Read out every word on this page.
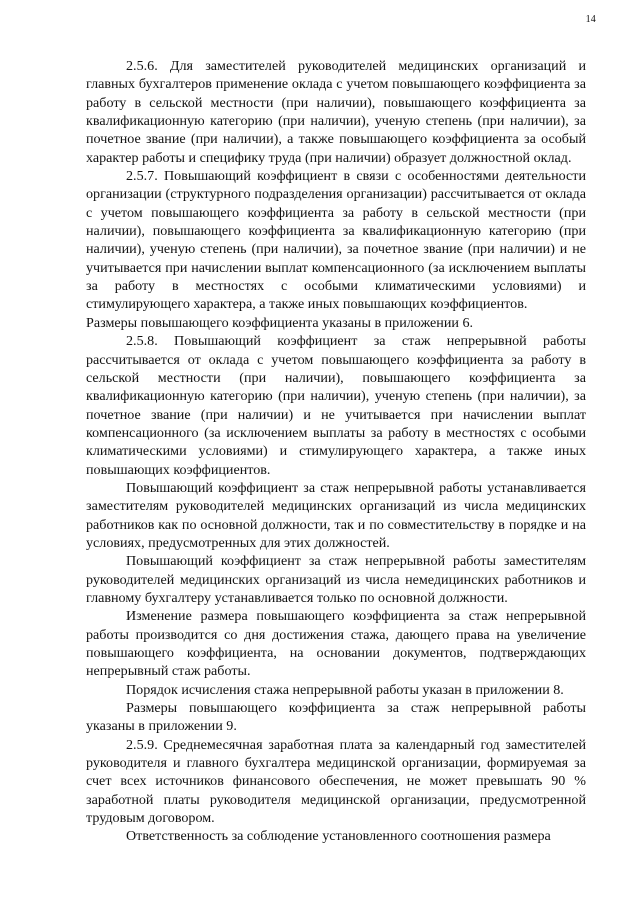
14

2.5.6. Для заместителей руководителей медицинских организаций и главных бухгалтеров применение оклада с учетом повышающего коэффициента за работу в сельской местности (при наличии), повышающего коэффициента за квалификационную категорию (при наличии), ученую степень (при наличии), за почетное звание (при наличии), а также повышающего коэффициента за особый характер работы и специфику труда (при наличии) образует должностной оклад.

2.5.7. Повышающий коэффициент в связи с особенностями деятельности организации (структурного подразделения организации) рассчитывается от оклада с учетом повышающего коэффициента за работу в сельской местности (при наличии), повышающего коэффициента за квалификационную категорию (при наличии), ученую степень (при наличии), за почетное звание (при наличии) и не учитывается при начислении выплат компенсационного (за исключением выплаты за работу в местностях с особыми климатическими условиями) и стимулирующего характера, а также иных повышающих коэффициентов.

Размеры повышающего коэффициента указаны в приложении 6.

2.5.8. Повышающий коэффициент за стаж непрерывной работы рассчитывается от оклада с учетом повышающего коэффициента за работу в сельской местности (при наличии), повышающего коэффициента за квалификационную категорию (при наличии), ученую степень (при наличии), за почетное звание (при наличии) и не учитывается при начислении выплат компенсационного (за исключением выплаты за работу в местностях с особыми климатическими условиями) и стимулирующего характера, а также иных повышающих коэффициентов.

Повышающий коэффициент за стаж непрерывной работы устанавливается заместителям руководителей медицинских организаций из числа медицинских работников как по основной должности, так и по совместительству в порядке и на условиях, предусмотренных для этих должностей.

Повышающий коэффициент за стаж непрерывной работы заместителям руководителей медицинских организаций из числа немедицинских работников и главному бухгалтеру устанавливается только по основной должности.

Изменение размера повышающего коэффициента за стаж непрерывной работы производится со дня достижения стажа, дающего права на увеличение повышающего коэффициента, на основании документов, подтверждающих непрерывный стаж работы.

Порядок исчисления стажа непрерывной работы указан в приложении 8.

Размеры повышающего коэффициента за стаж непрерывной работы указаны в приложении 9.

2.5.9. Среднемесячная заработная плата за календарный год заместителей руководителя и главного бухгалтера медицинской организации, формируемая за счет всех источников финансового обеспечения, не может превышать 90 % заработной платы руководителя медицинской организации, предусмотренной трудовым договором.

Ответственность за соблюдение установленного соотношения размера
